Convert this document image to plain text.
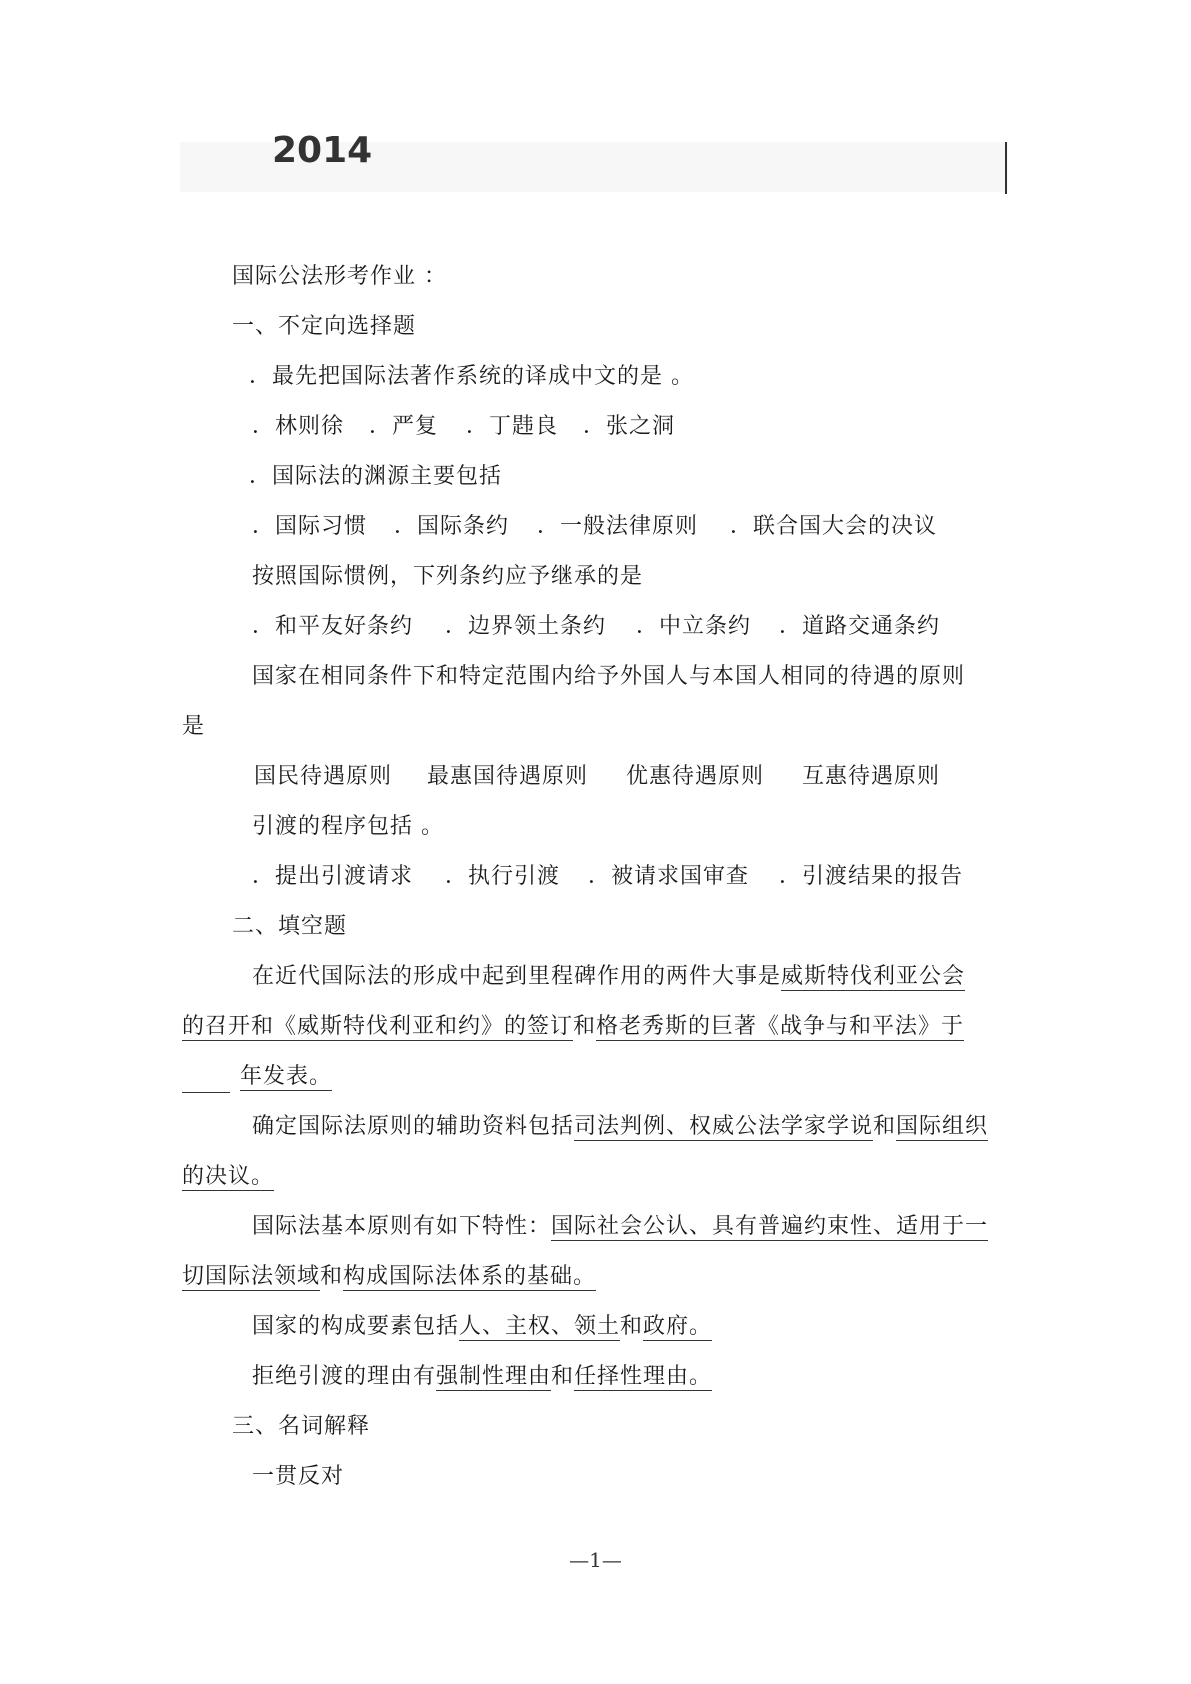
2014
国际公法形考作业 ：
一、不定向选择题
．最先把国际法著作系统的译成中文的是 。
．林则徐 ．严复 ．丁韪良 ．张之洞
．国际法的渊源主要包括
．国际习惯 ．国际条约 ．一般法律原则 ．联合国大会的决议
按照国际惯例，下列条约应予继承的是
．和平友好条约 ．边界领土条约 ．中立条约 ．道路交通条约
国家在相同条件下和特定范围内给予外国人与本国人相同的待遇的原则
是
国民待遇原则 最惠国待遇原则 优惠待遇原则 互惠待遇原则
引渡的程序包括 。
．提出引渡请求 ．执行引渡 ．被请求国审查 ．引渡结果的报告
二、填空题
在近代国际法的形成中起到里程碑作用的两件大事是威斯特伐利亚公会
的召开和《威斯特伐利亚和约》的签订和格老秀斯的巨著《战争与和平法》于
年发表。
确定国际法原则的辅助资料包括司法判例、权威公法学家学说和国际组织
的决议。
国际法基本原则有如下特性：国际社会公认、具有普遍约束性、适用于一
切国际法领域和构成国际法体系的基础。
国家的构成要素包括人、主权、领土和政府。
拒绝引渡的理由有强制性理由和任择性理由。
三、名词解释
一贯反对
—1—
